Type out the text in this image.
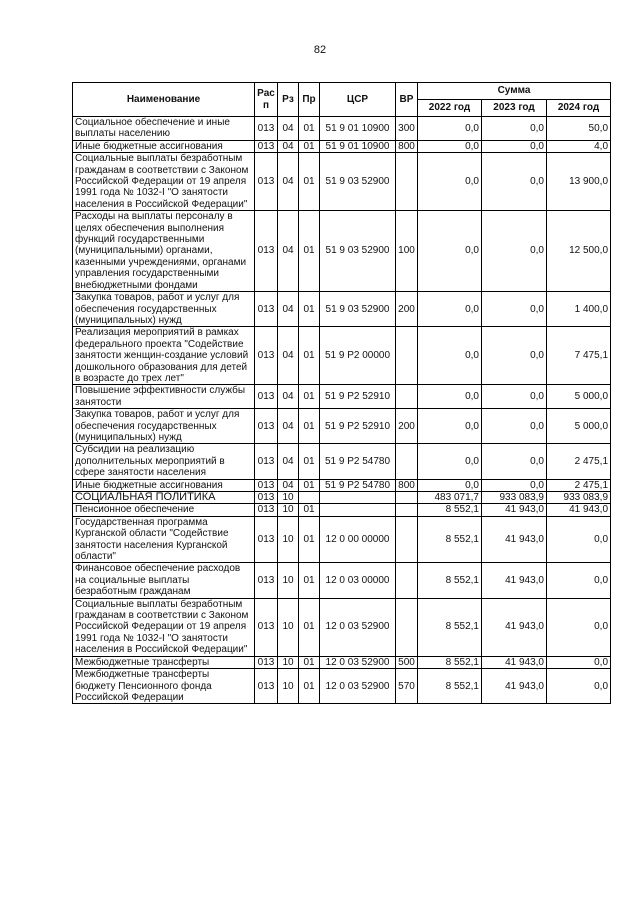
82
Наименование	Рас п	Рз	Пр	ЦСР	ВР	Сумма		
						2022 год	2023 год	2024 год
Социальное обеспечение и иные выплаты населению	013	04	01	51 9 01 10900	300	0,0	0,0	50,0
Иные бюджетные ассигнования	013	04	01	51 9 01 10900	800	0,0	0,0	4,0
Социальные выплаты безработным гражданам в соответствии с Законом Российской Федерации от 19 апреля 1991 года № 1032-I "О занятости населения в Российской Федерации"	013	04	01	51 9 03 52900		0,0	0,0	13 900,0
Расходы на выплаты персоналу в целях обеспечения выполнения функций государственными (муниципальными) органами, казенными учреждениями, органами управления государственными внебюджетными фондами	013	04	01	51 9 03 52900	100	0,0	0,0	12 500,0
Закупка товаров, работ и услуг для обеспечения государственных (муниципальных) нужд	013	04	01	51 9 03 52900	200	0,0	0,0	1 400,0
Реализация мероприятий в рамках федерального проекта "Содействие занятости женщин-создание условий дошкольного образования для детей в возрасте до трех лет"	013	04	01	51 9 P2 00000		0,0	0,0	7 475,1
Повышение эффективности службы занятости	013	04	01	51 9 P2 52910		0,0	0,0	5 000,0
Закупка товаров, работ и услуг для обеспечения государственных (муниципальных) нужд	013	04	01	51 9 P2 52910	200	0,0	0,0	5 000,0
Субсидии на реализацию дополнительных мероприятий в сфере занятости населения	013	04	01	51 9 P2 54780		0,0	0,0	2 475,1
Иные бюджетные ассигнования	013	04	01	51 9 P2 54780	800	0,0	0,0	2 475,1
СОЦИАЛЬНАЯ ПОЛИТИКА	013	10				483 071,7	933 083,9	933 083,9
Пенсионное обеспечение	013	10	01			8 552,1	41 943,0	41 943,0
Государственная программа Курганской области "Содействие занятости населения Курганской области"	013	10	01	12 0 00 00000		8 552,1	41 943,0	0,0
Финансовое обеспечение расходов на социальные выплаты безработным гражданам	013	10	01	12 0 03 00000		8 552,1	41 943,0	0,0
Социальные выплаты безработным гражданам в соответствии с Законом Российской Федерации от 19 апреля 1991 года № 1032-I "О занятости населения в Российской Федерации"	013	10	01	12 0 03 52900		8 552,1	41 943,0	0,0
Межбюджетные трансферты	013	10	01	12 0 03 52900	500	8 552,1	41 943,0	0,0
Межбюджетные трансферты бюджету Пенсионного фонда Российской Федерации	013	10	01	12 0 03 52900	570	8 552,1	41 943,0	0,0
